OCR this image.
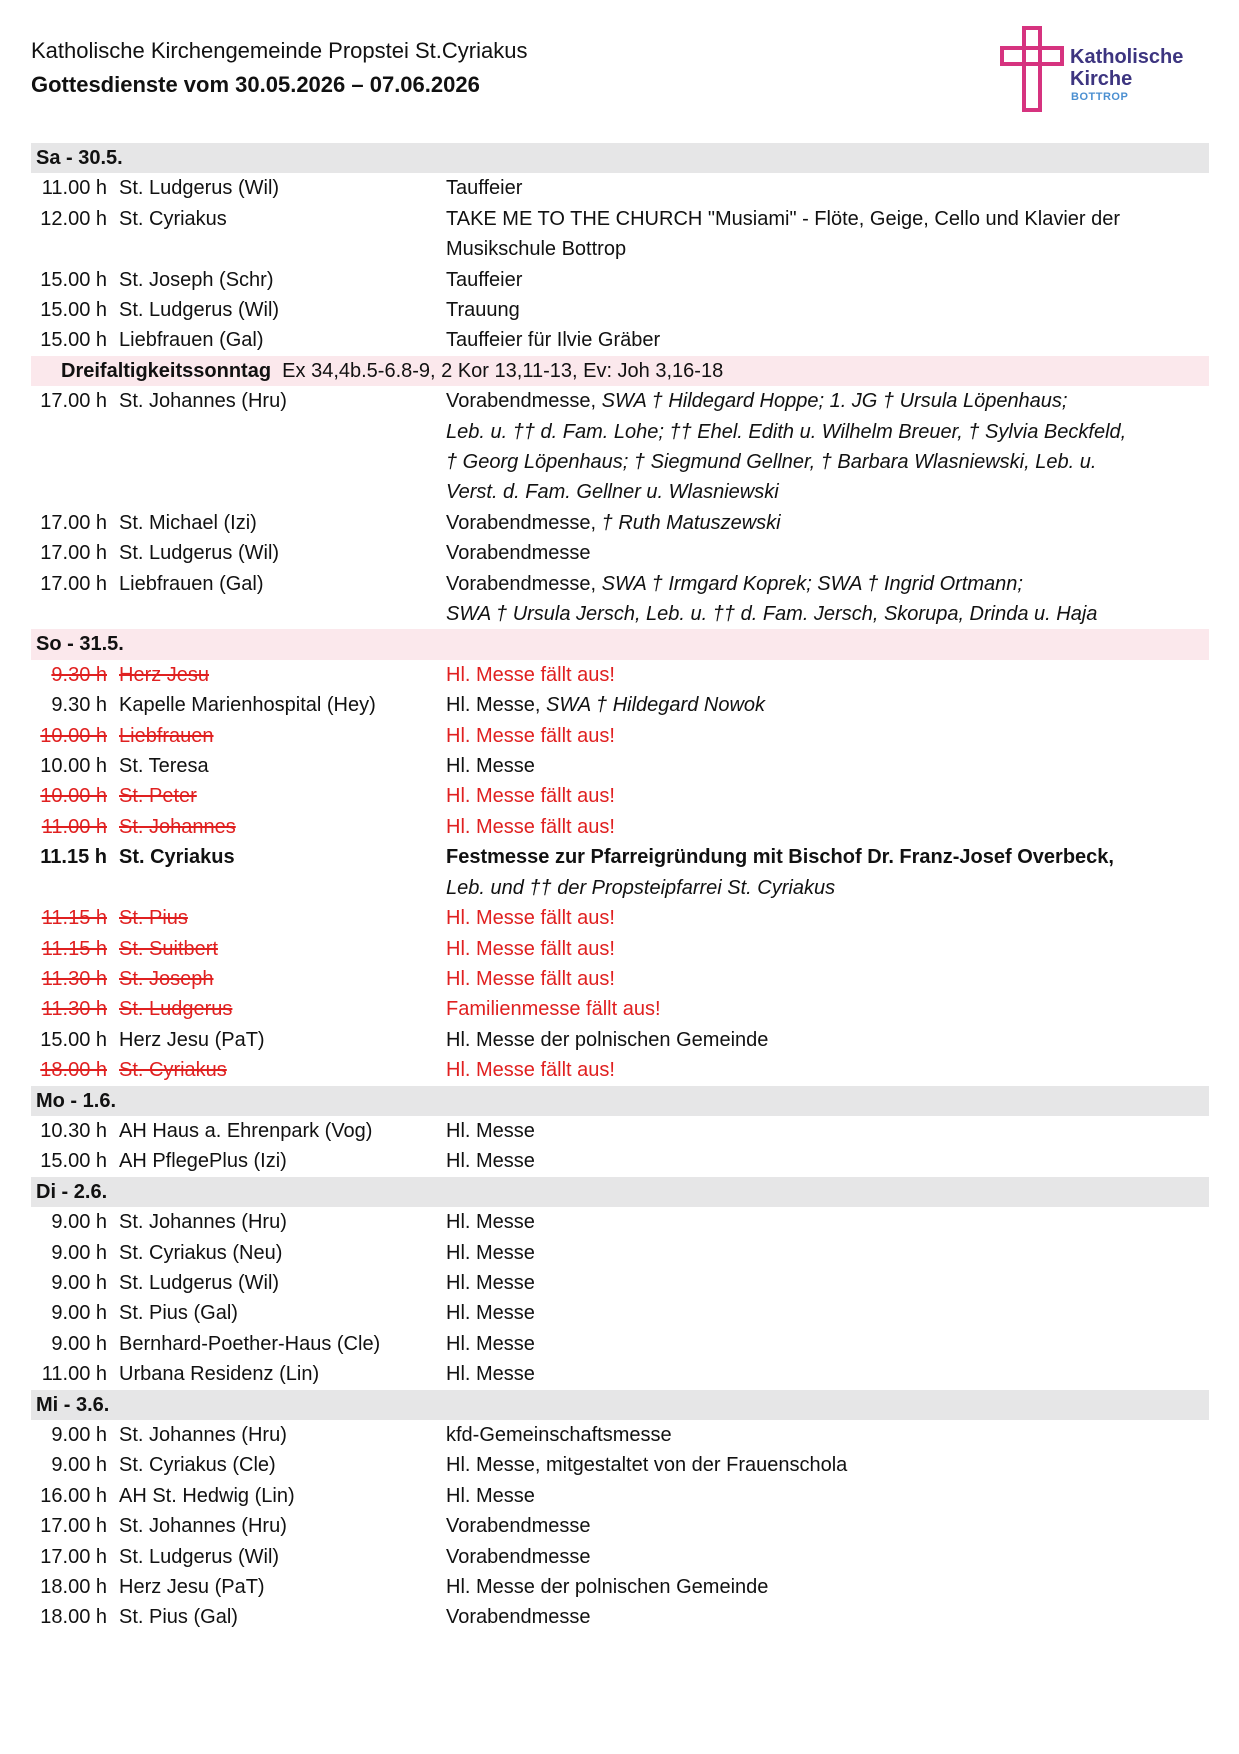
Katholische Kirchengemeinde Propstei St.Cyriakus
Gottesdienste vom 30.05.2026 – 07.06.2026
Katholische
Kirche
BOTTROP
Sa - 30.5.
11.00 h St. Ludgerus (Wil)	Tauffeier
12.00 h St. Cyriakus	TAKE ME TO THE CHURCH "Musiami" - Flöte, Geige, Cello und Klavier der
Musikschule Bottrop
15.00 h St. Joseph (Schr)	Tauffeier
15.00 h St. Ludgerus (Wil)	Trauung
15.00 h Liebfrauen (Gal)	Tauffeier für Ilvie Gräber
Dreifaltigkeitssonntag Ex 34,4b.5-6.8-9, 2 Kor 13,11-13, Ev: Joh 3,16-18
17.00 h St. Johannes (Hru)	Vorabendmesse, SWA † Hildegard Hoppe; 1. JG † Ursula Löpenhaus;
Leb. u. †† d. Fam. Lohe; †† Ehel. Edith u. Wilhelm Breuer, † Sylvia Beckfeld,
† Georg Löpenhaus; † Siegmund Gellner, † Barbara Wlasniewski, Leb. u.
Verst. d. Fam. Gellner u. Wlasniewski
17.00 h St. Michael (Izi)	Vorabendmesse, † Ruth Matuszewski
17.00 h St. Ludgerus (Wil)	Vorabendmesse
17.00 h Liebfrauen (Gal)	Vorabendmesse, SWA † Irmgard Koprek; SWA † Ingrid Ortmann;
SWA † Ursula Jersch, Leb. u. †† d. Fam. Jersch, Skorupa, Drinda u. Haja
So - 31.5.
9.30 h Herz Jesu	Hl. Messe fällt aus!
9.30 h Kapelle Marienhospital (Hey)	Hl. Messe, SWA † Hildegard Nowok
10.00 h Liebfrauen	Hl. Messe fällt aus!
10.00 h St. Teresa	Hl. Messe
10.00 h St. Peter	Hl. Messe fällt aus!
11.00 h St. Johannes	Hl. Messe fällt aus!
11.15 h St. Cyriakus	Festmesse zur Pfarreigründung mit Bischof Dr. Franz-Josef Overbeck,
Leb. und †† der Propsteipfarrei St. Cyriakus
11.15 h St. Pius	Hl. Messe fällt aus!
11.15 h St. Suitbert	Hl. Messe fällt aus!
11.30 h St. Joseph	Hl. Messe fällt aus!
11.30 h St. Ludgerus	Familienmesse fällt aus!
15.00 h Herz Jesu (PaT)	Hl. Messe der polnischen Gemeinde
18.00 h St. Cyriakus	Hl. Messe fällt aus!
Mo - 1.6.
10.30 h AH Haus a. Ehrenpark (Vog)	Hl. Messe
15.00 h AH PflegePlus (Izi)	Hl. Messe
Di - 2.6.
9.00 h St. Johannes (Hru)	Hl. Messe
9.00 h St. Cyriakus (Neu)	Hl. Messe
9.00 h St. Ludgerus (Wil)	Hl. Messe
9.00 h St. Pius (Gal)	Hl. Messe
9.00 h Bernhard-Poether-Haus (Cle)	Hl. Messe
11.00 h Urbana Residenz (Lin)	Hl. Messe
Mi - 3.6.
9.00 h St. Johannes (Hru)	kfd-Gemeinschaftsmesse
9.00 h St. Cyriakus (Cle)	Hl. Messe, mitgestaltet von der Frauenschola
16.00 h AH St. Hedwig (Lin)	Hl. Messe
17.00 h St. Johannes (Hru)	Vorabendmesse
17.00 h St. Ludgerus (Wil)	Vorabendmesse
18.00 h Herz Jesu (PaT)	Hl. Messe der polnischen Gemeinde
18.00 h St. Pius (Gal)	Vorabendmesse
